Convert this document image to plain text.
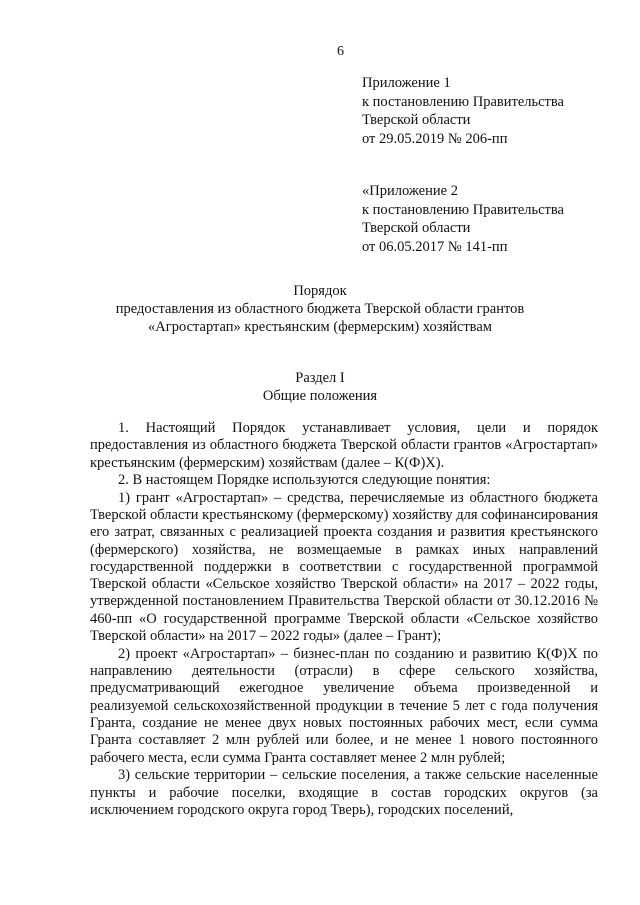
6
Приложение 1
к постановлению Правительства
Тверской области
от 29.05.2019 № 206-пп
«Приложение 2
к постановлению Правительства
Тверской области
от 06.05.2017 № 141-пп
Порядок
предоставления из областного бюджета Тверской области грантов
«Агростартап» крестьянским (фермерским) хозяйствам
Раздел I
Общие положения

1. Настоящий Порядок устанавливает условия, цели и порядок предоставления из областного бюджета Тверской области грантов «Агростартап» крестьянским (фермерским) хозяйствам (далее – К(Ф)Х).

2. В настоящем Порядке используются следующие понятия:

1) грант «Агростартап» – средства, перечисляемые из областного бюджета Тверской области крестьянскому (фермерскому) хозяйству для софинансирования его затрат, связанных с реализацией проекта создания и развития крестьянского (фермерского) хозяйства, не возмещаемые в рамках иных направлений государственной поддержки в соответствии с государственной программой Тверской области «Сельское хозяйство Тверской области» на 2017 – 2022 годы, утвержденной постановлением Правительства Тверской области от 30.12.2016 № 460-пп «О государственной программе Тверской области «Сельское хозяйство Тверской области» на 2017 – 2022 годы» (далее – Грант);

2) проект «Агростартап» – бизнес-план по созданию и развитию К(Ф)Х по направлению деятельности (отрасли) в сфере сельского хозяйства, предусматривающий ежегодное увеличение объема произведенной и реализуемой сельскохозяйственной продукции в течение 5 лет с года получения Гранта, создание не менее двух новых постоянных рабочих мест, если сумма Гранта составляет 2 млн рублей или более, и не менее 1 нового постоянного рабочего места, если сумма Гранта составляет менее 2 млн рублей;

3) сельские территории – сельские поселения, а также сельские населенные пункты и рабочие поселки, входящие в состав городских округов (за исключением городского округа город Тверь), городских поселений,
